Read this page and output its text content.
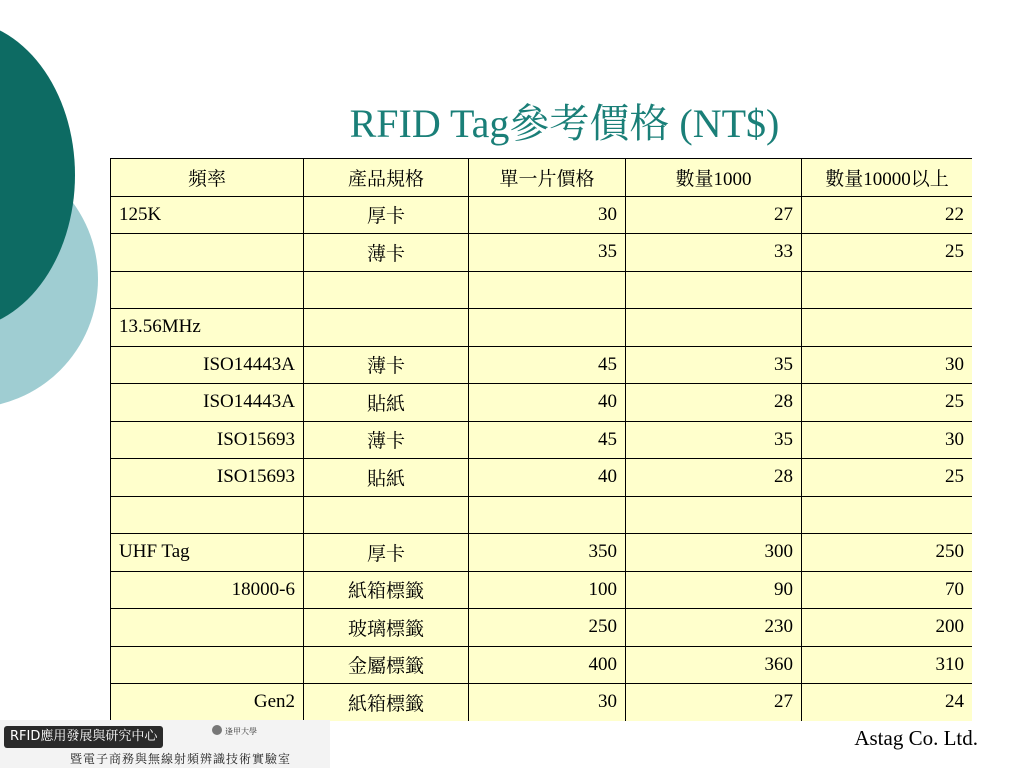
RFID Tag參考價格 (NT$)
頻率	產品規格	單一片價格	數量1000	數量10000以上
125K	厚卡	30	27	22
	薄卡	35	33	25

13.56MHz				
ISO14443A	薄卡	45	35	30
ISO14443A	貼紙	40	28	25
ISO15693	薄卡	45	35	30
ISO15693	貼紙	40	28	25

UHF Tag	厚卡	350	300	250
18000-6	紙箱標籤	100	90	70
	玻璃標籤	250	230	200
	金屬標籤	400	360	310
Gen2	紙箱標籤	30	27	24
RFID應用發展與研究中心	逢甲大學
暨電子商務與無線射頻辨識技術實驗室
Astag Co. Ltd.
